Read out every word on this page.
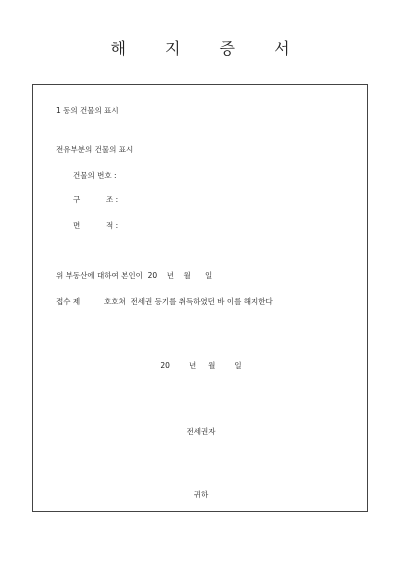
해 지 증 서
1 동의 건물의 표시
전유부분의 건물의 표시
건물의 번호 :
구	조 :
면	적 :
위 부동산에 대하여 본인이  20    년    월      일
접수 제          호호쳐  전세권 등기를 취득하였던 바 이를 해지한다
20        년     월        일
전세권자
귀하
